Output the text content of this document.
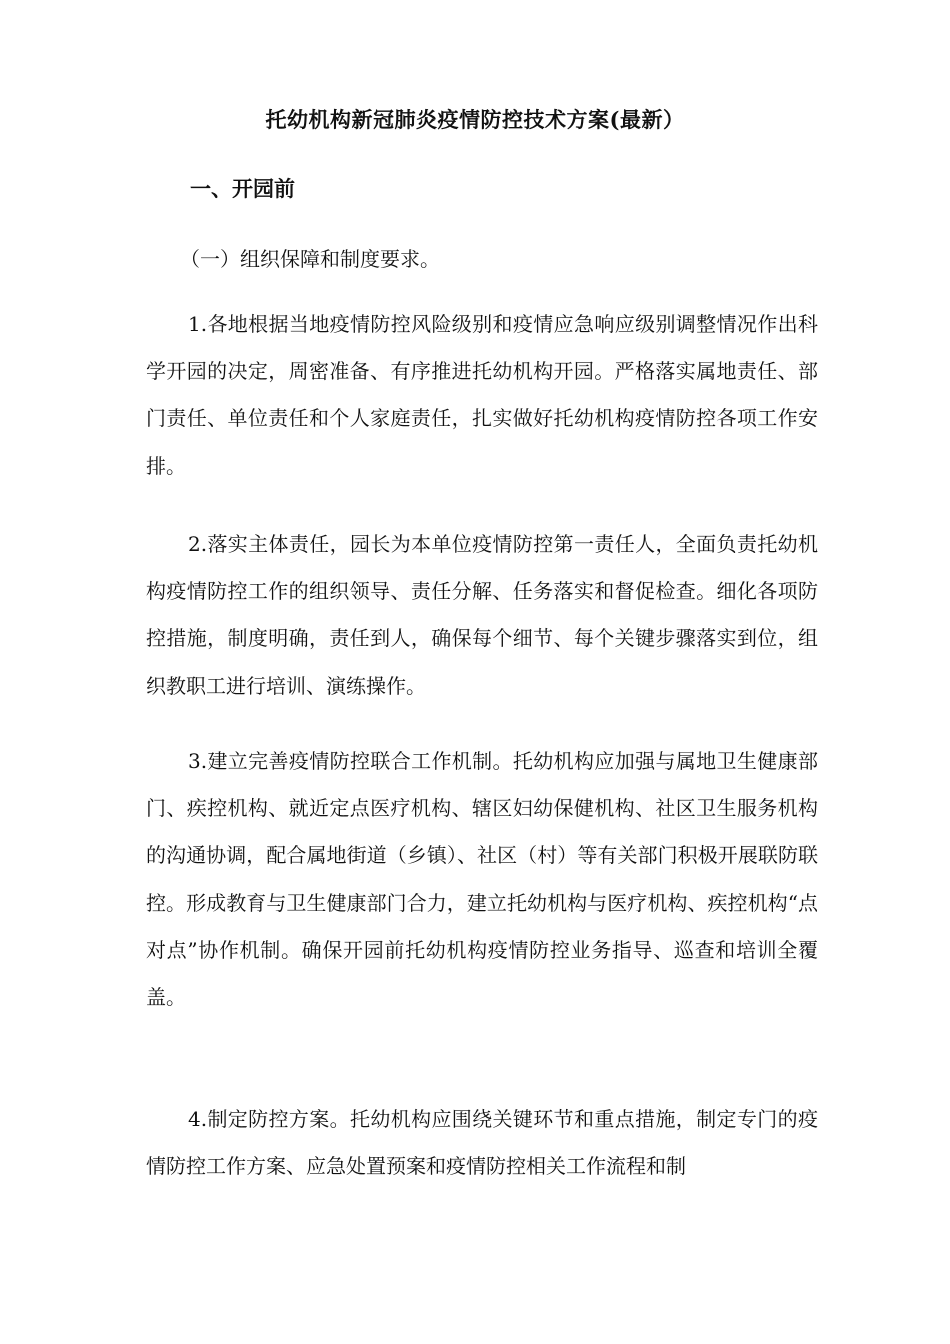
托幼机构新冠肺炎疫情防控技术方案(最新）
一、开园前
（一）组织保障和制度要求。

1.各地根据当地疫情防控风险级别和疫情应急响应级别调整情况作出科学开园的决定，周密准备、有序推进托幼机构开园。严格落实属地责任、部门责任、单位责任和个人家庭责任，扎实做好托幼机构疫情防控各项工作安排。

2.落实主体责任，园长为本单位疫情防控第一责任人，全面负责托幼机构疫情防控工作的组织领导、责任分解、任务落实和督促检查。细化各项防控措施，制度明确，责任到人，确保每个细节、每个关键步骤落实到位，组织教职工进行培训、演练操作。

3.建立完善疫情防控联合工作机制。托幼机构应加强与属地卫生健康部门、疾控机构、就近定点医疗机构、辖区妇幼保健机构、社区卫生服务机构的沟通协调，配合属地街道（乡镇）、社区（村）等有关部门积极开展联防联控。形成教育与卫生健康部门合力，建立托幼机构与医疗机构、疾控机构“点对点”协作机制。确保开园前托幼机构疫情防控业务指导、巡查和培训全覆盖。

4.制定防控方案。托幼机构应围绕关键环节和重点措施，制定专门的疫情防控工作方案、应急处置预案和疫情防控相关工作流程和制
